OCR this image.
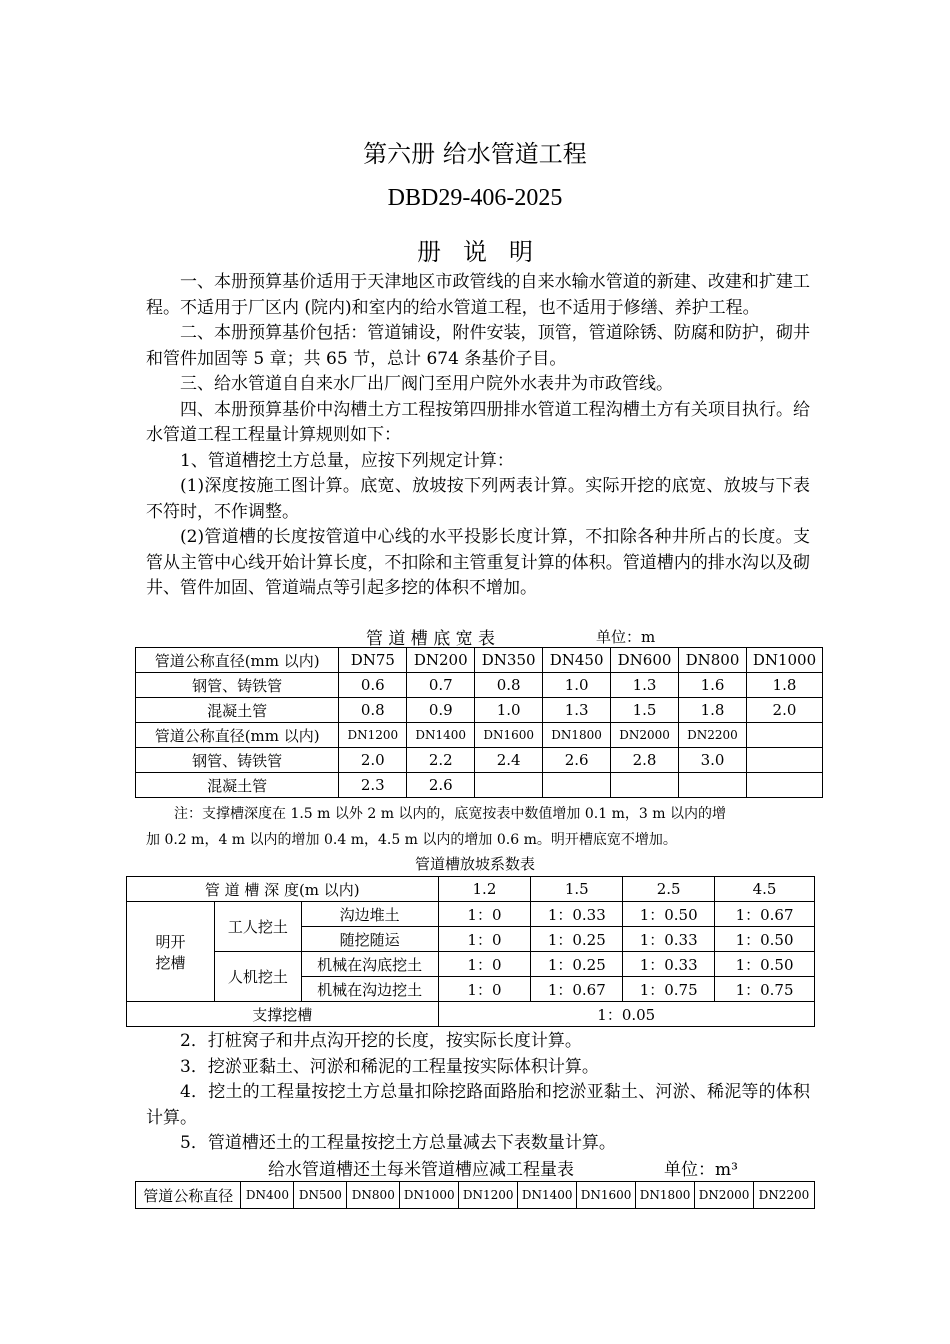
第六册 给水管道工程
DBD29-406-2025
册说明

一、本册预算基价适用于天津地区市政管线的自来水输水管道的新建、改建和扩建工程。不适用于厂区内 (院内)和室内的给水管道工程，也不适用于修缮、养护工程。

二、本册预算基价包括：管道铺设，附件安装，顶管，管道除锈、防腐和防护，砌井和管件加固等 5 章；共 65 节，总计 674 条基价子目。

三、给水管道自自来水厂出厂阀门至用户院外水表井为市政管线。

四、本册预算基价中沟槽土方工程按第四册排水管道工程沟槽土方有关项目执行。给水管道工程工程量计算规则如下：

1、管道槽挖土方总量，应按下列规定计算：

(1)深度按施工图计算。底宽、放坡按下列两表计算。实际开挖的底宽、放坡与下表不符时，不作调整。

(2)管道槽的长度按管道中心线的水平投影长度计算，不扣除各种井所占的长度。支管从主管中心线开始计算长度，不扣除和主管重复计算的体积。管道槽内的排水沟以及砌井、管件加固、管道端点等引起多挖的体积不增加。

管 道 槽 底 宽 表	单位：m
管道公称直径(mm 以内)	DN75	DN200	DN350	DN450	DN600	DN800	DN1000
钢管、铸铁管	0.6	0.7	0.8	1.0	1.3	1.6	1.8
混凝土管	0.8	0.9	1.0	1.3	1.5	1.8	2.0
管道公称直径(mm 以内)	DN1200	DN1400	DN1600	DN1800	DN2000	DN2200	
钢管、铸铁管	2.0	2.2	2.4	2.6	2.8	3.0	
混凝土管	2.3	2.6					

注：支撑槽深度在 1.5 m 以外 2 m 以内的，底宽按表中数值增加 0.1 m，3 m 以内的增

加 0.2 m，4 m 以内的增加 0.4 m，4.5 m 以内的增加 0.6 m。明开槽底宽不增加。

管道槽放坡系数表
管 道 槽 深 度(m 以内)			1.2	1.5	2.5	4.5
明开挖槽	工人挖土	沟边堆土	1：0	1：0.33	1：0.50	1：0.67
		随挖随运	1：0	1：0.25	1：0.33	1：0.50
	人机挖土	机械在沟底挖土	1：0	1：0.25	1：0.33	1：0.50
		机械在沟边挖土	1：0	1：0.67	1：0.75	1：0.75
支撑挖槽			1：0.05			

2．打桩窝子和井点沟开挖的长度，按实际长度计算。

3．挖淤亚黏土、河淤和稀泥的工程量按实际体积计算。

4．挖土的工程量按挖土方总量扣除挖路面路胎和挖淤亚黏土、河淤、稀泥等的体积计算。

5．管道槽还土的工程量按挖土方总量减去下表数量计算。

给水管道槽还土每米管道槽应减工程量表	单位：m³
管道公称直径	DN400	DN500	DN800	DN1000	DN1200	DN1400	DN1600	DN1800	DN2000	DN2200
